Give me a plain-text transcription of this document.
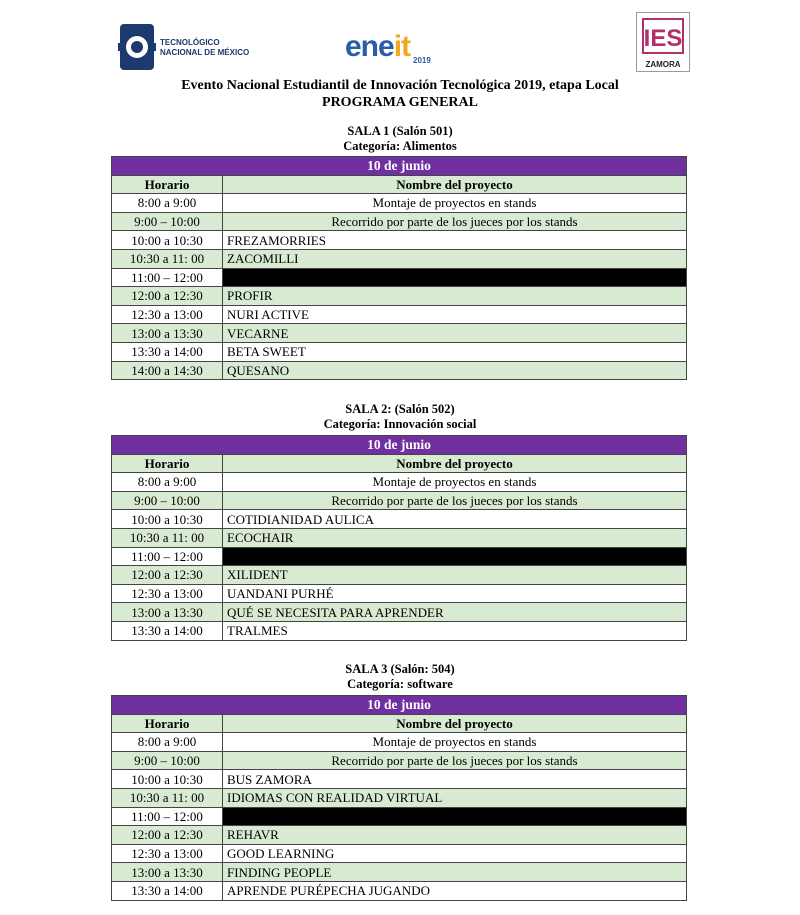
TECNOLÓGICO
NACIONAL DE MÉXICO	eneit 2019
IES
ZAMORA
Evento Nacional Estudiantil de Innovación Tecnológica 2019, etapa Local
PROGRAMA GENERAL
SALA 1 (Salón 501)
Categoría: Alimentos
10 de junio	
Horario	Nombre del proyecto
8:00 a 9:00	Montaje de proyectos en stands
9:00 – 10:00	Recorrido por parte de los jueces por los stands
10:00 a 10:30	FREZAMORRIES
10:30 a 11: 00	ZACOMILLI
11:00 – 12:00	
12:00 a 12:30	PROFIR
12:30 a 13:00	NURI ACTIVE
13:00 a 13:30	VECARNE
13:30 a 14:00	BETA SWEET
14:00 a 14:30	QUESANO
SALA 2: (Salón 502)
Categoría: Innovación social
10 de junio	
Horario	Nombre del proyecto
8:00 a 9:00	Montaje de proyectos en stands
9:00 – 10:00	Recorrido por parte de los jueces por los stands
10:00 a 10:30	COTIDIANIDAD AULICA
10:30 a 11: 00	ECOCHAIR
11:00 – 12:00	
12:00 a 12:30	XILIDENT
12:30 a 13:00	UANDANI PURHÉ
13:00 a 13:30	QUÉ SE NECESITA PARA APRENDER
13:30 a 14:00	TRALMES
SALA 3 (Salón: 504)
Categoría: software
10 de junio	
Horario	Nombre del proyecto
8:00 a 9:00	Montaje de proyectos en stands
9:00 – 10:00	Recorrido por parte de los jueces por los stands
10:00 a 10:30	BUS ZAMORA
10:30 a 11: 00	IDIOMAS CON REALIDAD VIRTUAL
11:00 – 12:00	
12:00 a 12:30	REHAVR
12:30 a 13:00	GOOD LEARNING
13:00 a 13:30	FINDING PEOPLE
13:30 a 14:00	APRENDE PURÉPECHA JUGANDO
